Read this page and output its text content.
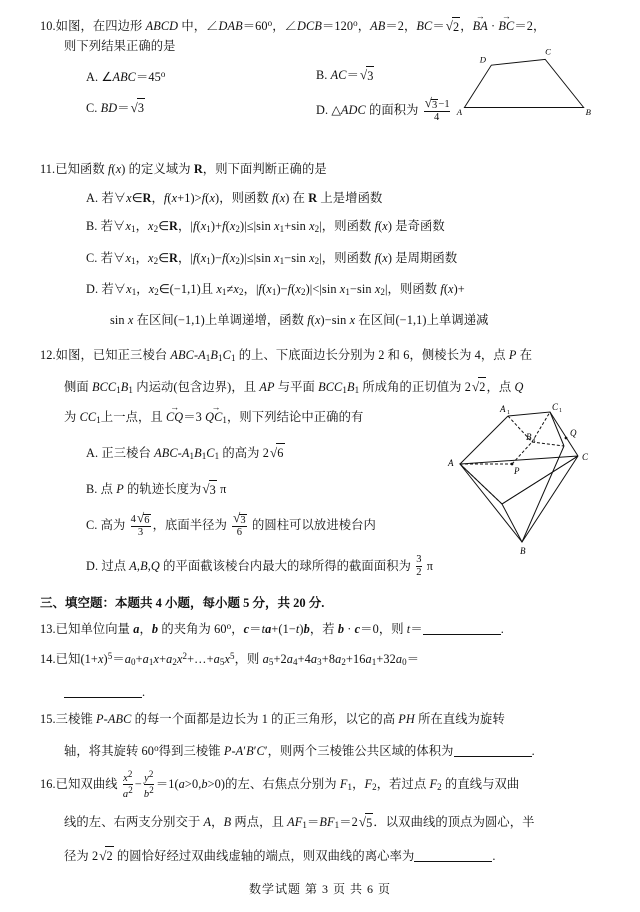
10.如图，在四边形 ABCD 中，$\angle DAB=60^o$，$\angle DCB=120^o$，AB＝2，BC＝√2，BA → · BC →＝2，
则下列结果正确的是
A. $\angle ABC=45^o$	B. AC＝√3
C. BD＝√3	D. △ADC 的面积为 $\frac{√3-1}{4}$ A	B
C
D
11.已知函数 f(x) 的定义域为 R，则下面判断正确的是
A. 若∀x∈R，f(x+1)>f(x)，则函数 f(x) 在 R 上是增函数
B. 若$\forall x_1$，$x_2\in R$，$|f(x_1)+f(x_2)|\le|\sin$ $x_1+\sin$ $x_2|$，则函数 f(x) 是奇函数
C. 若$\forall x_1$，$x_2\in R$，$|f(x_1)-f(x_2)|\le|\sin$ $x_1-\sin$ $x_2|$，则函数 f(x) 是周期函数
D. 若$\forall x_1$，$x_2\in(-1,1)$且 $x_1\ne x_2$，$|f(x_1)-f(x_2)|<|\sin$ $x_1-\sin$ $x_2|$，则函数 f(x)+
sin x 在区间(−1,1)上单调递增，函数 f(x)−sin x 在区间(−1,1)上单调递减
12.如图，已知正三棱台 ABC-$A_1B_1C_1$ 的上、下底面边长分别为 2 和 6，侧棱长为 4，点 P 在
侧面 $BCC_1B_1$ 内运动(包含边界)，且 AP 与平面 $BCC_1B_1$ 所成角的正切值为 2√2，点 Q
为 $CC_1$上一点，且 CQ →＝3 $QC_1$ →，则下列结论中正确的有
A. 正三棱台 ABC-$A_1B_1C_1$ 的高为 2√6
B. 点 P 的轨迹长度为√3 π
C. 高为 $\frac{4√6}{3}$ ，底面半径为 $\frac{√3}{6}$ 的圆柱可以放进棱台内
D. 过点 A,B,Q 的平面截该棱台内最大的球所得的截面面积为 $\frac{3}{2}$ π
A
1
C 1
B 1
Q
P
A
C
B
三、填空题：本题共 4 小题，每小题 5 分，共 20 分.
13.已知单位向量 a，b 的夹角为 60$^o$，c＝ta+(1−t)b，若 b · c＝0，则 t＝	.
14.已知$(1+x)^5=a_0+a_1x+a_2x^2+\dots+a_5x^5$，则 $a_5+2a_4+4a_3+8a_2+16a_1+32a_0=$
.
15.三棱锥 P-ABC 的每一个面都是边长为 1 的正三角形，以它的高 PH 所在直线为旋转
轴，将其旋转 60$^o$得到三棱锥 P-A′B′C′，则两个三棱锥公共区域的体积为	.
16.已知双曲线 $\frac{x2}{a2} - \frac{y2}{b2} =1(a>0,b>0)$的左、右焦点分别为 $F_1$，$F_2$，若过点 $F_2$ 的直线与双曲
线的左、右两支分别交于 A，B 两点，且 $AF_1=BF_1=2√5$．以双曲线的顶点为圆心，半
径为 2√2 的圆恰好经过双曲线虚轴的端点，则双曲线的离心率为	.
数学试题 第 3 页 共 6 页
